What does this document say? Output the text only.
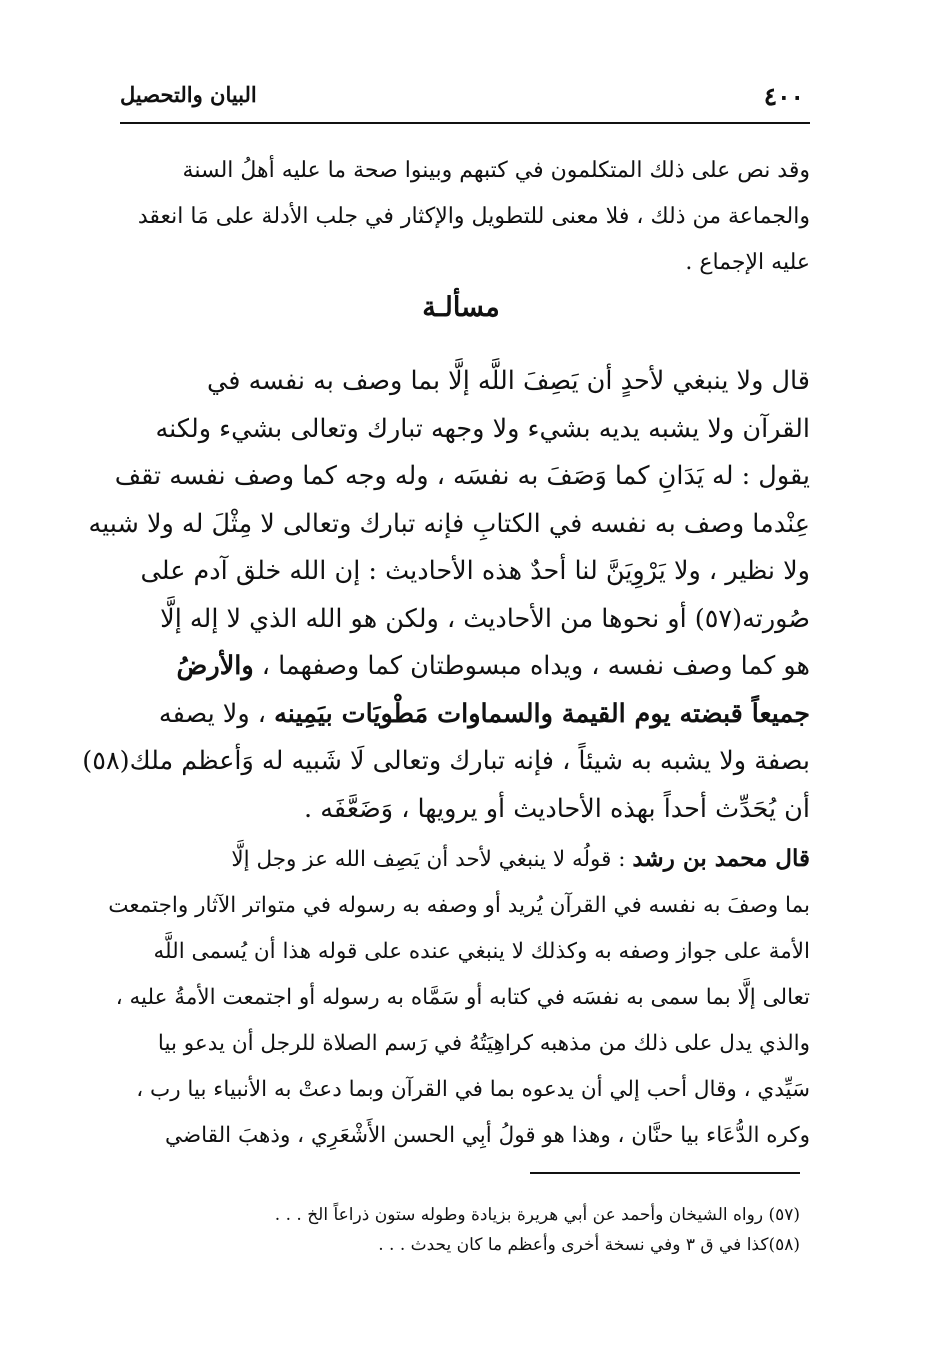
٤٠٠
البيان والتحصيل
وقد نص على ذلك المتكلمون في كتبهم وبينوا صحة ما عليه أهلُ السنة
والجماعة من ذلك ، فلا معنى للتطويل والإكثار في جلب الأدلة على مَا انعقد
عليه الإجماع .
مسألـة
قال ولا ينبغي لأحدٍ أن يَصِفَ اللَّه إلَّا بما وصف به نفسه في
القرآن ولا يشبه يديه بشيء ولا وجهه تبارك وتعالى بشيء ولكنه
يقول : له يَدَانِ كما وَصَفَ به نفسَه ، وله وجه كما وصف نفسه تقف
عِنْدما وصف به نفسه في الكتابِ فإنه تبارك وتعالى لا مِثْلَ له ولا شبيه
ولا نظير ، ولا يَرْوِيَنَّ لنا أحدٌ هذه الأحاديث : إن الله خلق آدم على
صُورته(٥٧) أو نحوها من الأحاديث ، ولكن هو الله الذي لا إله إلَّا
هو كما وصف نفسه ، ويداه مبسوطتان كما وصفهما ، والأرضُ
جميعاً قبضته يوم القيمة والسماوات مَطْويَات بيَمِينه ، ولا يصفه
بصفة ولا يشبه به شيئاً ، فإنه تبارك وتعالى لَا شَبيه له وَأعظم ملك(٥٨)
أن يُحَدِّث أحداً بهذه الأحاديث أو يرويها ، وَضَعَّفَه .
قال محمد بن رشد : قولُه لا ينبغي لأحد أن يَصِف الله عز وجل إلَّا
بما وصفَ به نفسه في القرآن يُريد أو وصفه به رسوله في متواتر الآثار واجتمعت
الأمة على جواز وصفه به وكذلك لا ينبغي عنده على قوله هذا أن يُسمى اللَّه
تعالى إلَّا بما سمى به نفسَه في كتابه أو سَمَّاه به رسوله أو اجتمعت الأمةُ عليه ،
والذي يدل على ذلك من مذهبه كراهِيَتُهُ في رَسم الصلاة للرجل أن يدعو بيا
سَيِّدي ، وقال أحب إلي أن يدعوه بما في القرآن وبما دعتْ به الأنبياء بيا رب ،
وكره الدُّعَاء بيا حنَّان ، وهذا هو قولُ أبِي الحسن الأَشْعَرِي ، وذهبَ القاضي
(٥٧) رواه الشيخان وأحمد عن أبي هريرة بزيادة وطوله ستون ذراعاً الخ . . .
(٥٨)كذا في ق ٣ وفي نسخة أخرى وأعظم ما كان يحدث . . .
